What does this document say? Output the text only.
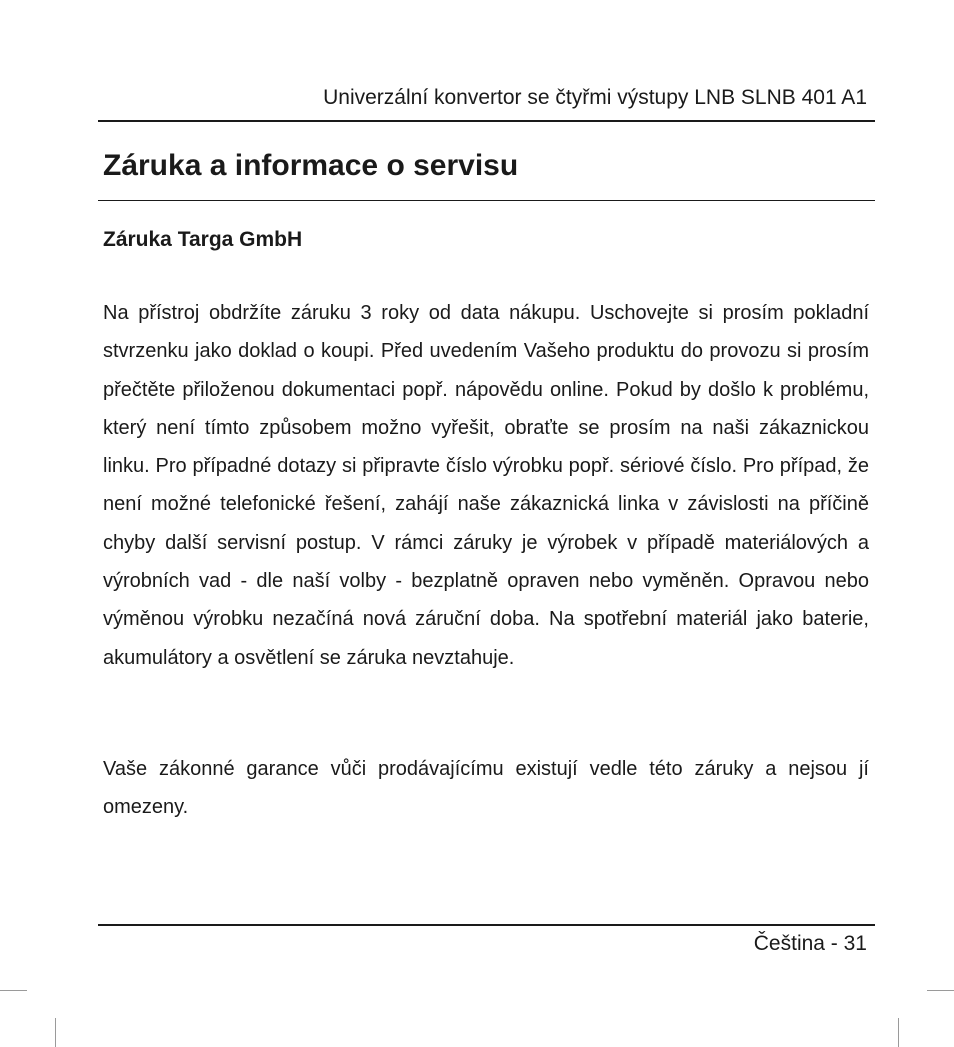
Univerzální konvertor se čtyřmi výstupy LNB SLNB 401 A1
Záruka a informace o servisu
Záruka Targa GmbH

Na přístroj obdržíte záruku 3 roky od data nákupu. Uschovejte si prosím pokladní stvrzenku jako doklad o koupi. Před uvedením Vašeho produktu do provozu si prosím přečtěte přiloženou dokumentaci popř. nápovědu online. Pokud by došlo k problému, který není tímto způsobem možno vyřešit, obraťte se prosím na naši zákaznickou linku. Pro případné dotazy si připravte číslo výrobku popř. sériové číslo. Pro případ, že není možné telefonické řešení, zahájí naše zákaznická linka v závislosti na příčině chyby další servisní postup. V rámci záruky je výrobek v případě materiálových a výrobních vad - dle naší volby - bezplatně opraven nebo vyměněn. Opravou nebo výměnou výrobku nezačíná nová záruční doba. Na spotřební materiál jako baterie, akumulátory a osvětlení se záruka nevztahuje.

Vaše zákonné garance vůči prodávajícímu existují vedle této záruky a nejsou jí omezeny.

Čeština - 31
